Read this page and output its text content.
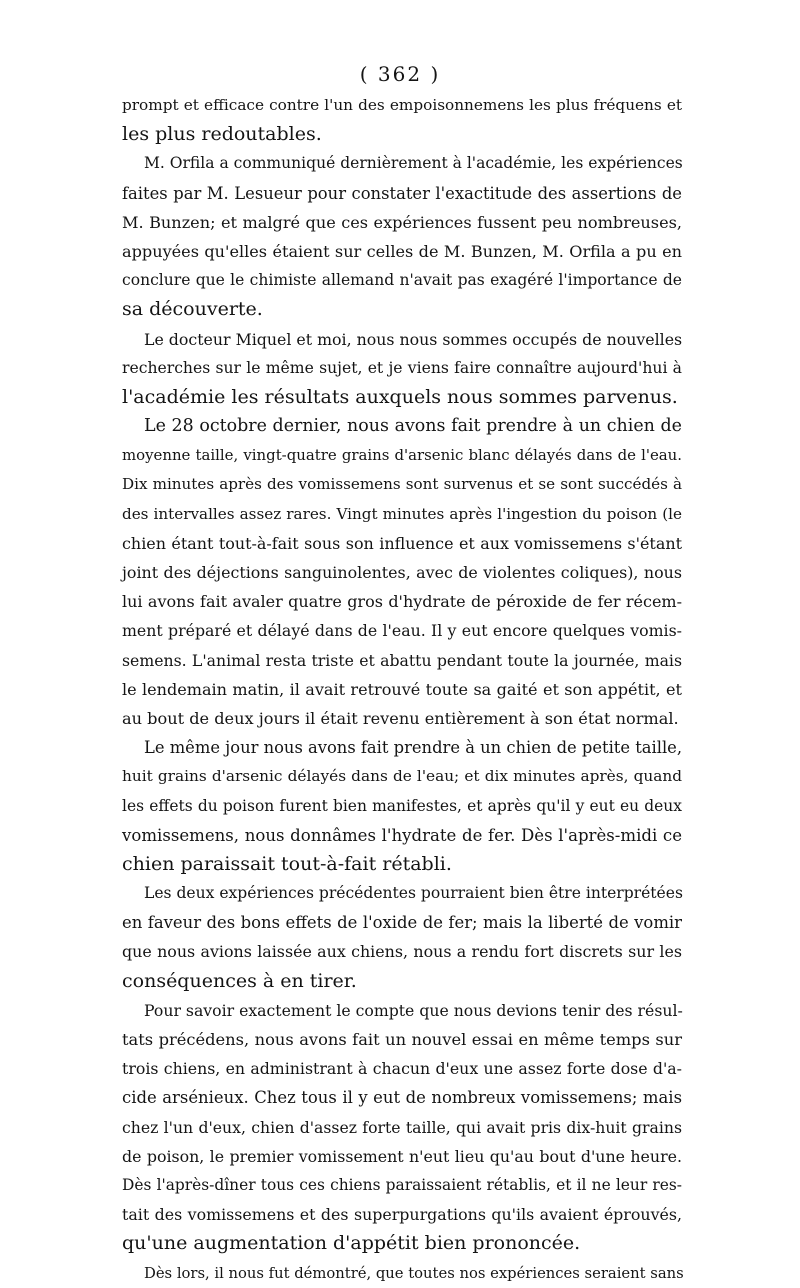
( 362 )
prompt et efficace contre l'un des empoisonnemens les plus fréquens et
les plus redoutables.
M. Orfila a communiqué dernièrement à l'académie, les expériences
faites par M. Lesueur pour constater l'exactitude des assertions de
M. Bunzen; et malgré que ces expériences fussent peu nombreuses,
appuyées qu'elles étaient sur celles de M. Bunzen, M. Orfila a pu en
conclure que le chimiste allemand n'avait pas exagéré l'importance de
sa découverte.
Le docteur Miquel et moi, nous nous sommes occupés de nouvelles
recherches sur le même sujet, et je viens faire connaître aujourd'hui à
l'académie les résultats auxquels nous sommes parvenus.
Le 28 octobre dernier, nous avons fait prendre à un chien de
moyenne taille, vingt-quatre grains d'arsenic blanc délayés dans de l'eau.
Dix minutes après des vomissemens sont survenus et se sont succédés à
des intervalles assez rares. Vingt minutes après l'ingestion du poison (le
chien étant tout-à-fait sous son influence et aux vomissemens s'étant
joint des déjections sanguinolentes, avec de violentes coliques), nous
lui avons fait avaler quatre gros d'hydrate de péroxide de fer récem-
ment préparé et délayé dans de l'eau. Il y eut encore quelques vomis-
semens. L'animal resta triste et abattu pendant toute la journée, mais
le lendemain matin, il avait retrouvé toute sa gaité et son appétit, et
au bout de deux jours il était revenu entièrement à son état normal.
Le même jour nous avons fait prendre à un chien de petite taille,
huit grains d'arsenic délayés dans de l'eau; et dix minutes après, quand
les effets du poison furent bien manifestes, et après qu'il y eut eu deux
vomissemens, nous donnâmes l'hydrate de fer. Dès l'après-midi ce
chien paraissait tout-à-fait rétabli.
Les deux expériences précédentes pourraient bien être interprétées
en faveur des bons effets de l'oxide de fer; mais la liberté de vomir
que nous avions laissée aux chiens, nous a rendu fort discrets sur les
conséquences à en tirer.
Pour savoir exactement le compte que nous devions tenir des résul-
tats précédens, nous avons fait un nouvel essai en même temps sur
trois chiens, en administrant à chacun d'eux une assez forte dose d'a-
cide arsénieux. Chez tous il y eut de nombreux vomissemens; mais
chez l'un d'eux, chien d'assez forte taille, qui avait pris dix-huit grains
de poison, le premier vomissement n'eut lieu qu'au bout d'une heure.
Dès l'après-dîner tous ces chiens paraissaient rétablis, et il ne leur res-
tait des vomissemens et des superpurgations qu'ils avaient éprouvés,
qu'une augmentation d'appétit bien prononcée.
Dès lors, il nous fut démontré, que toutes nos expériences seraient sans
